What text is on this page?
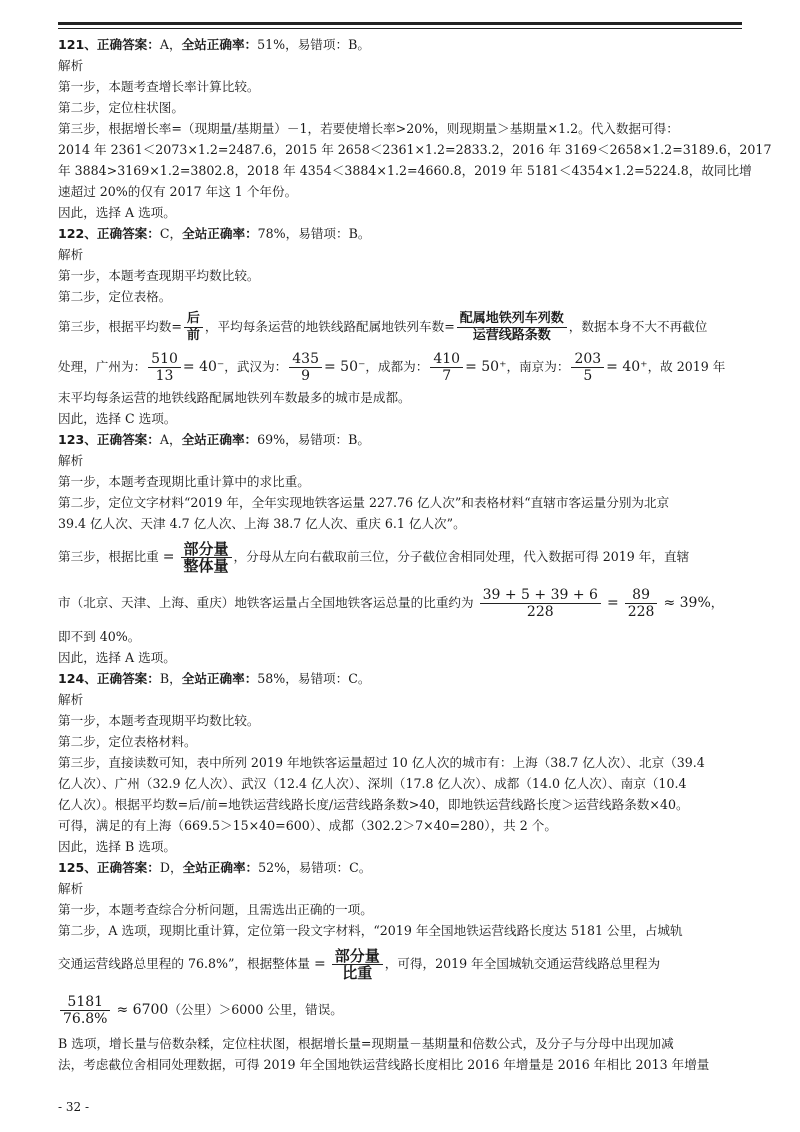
121、正确答案：A，全站正确率：51%，易错项：B。
解析
第一步，本题考查增长率计算比较。
第二步，定位柱状图。
第三步，根据增长率=（现期量/基期量）－1，若要使增长率>20%，则现期量＞基期量×1.2。代入数据可得：
2014 年 2361＜2073×1.2=2487.6，2015 年 2658＜2361×1.2=2833.2，2016 年 3169＜2658×1.2=3189.6，2017
年 3884>3169×1.2=3802.8，2018 年 4354＜3884×1.2=4660.8，2019 年 5181＜4354×1.2=5224.8，故同比增
速超过 20%的仅有 2017 年这 1 个年份。
因此，选择 A 选项。
122、正确答案：C，全站正确率：78%，易错项：B。
解析
第一步，本题考查现期平均数比较。
第二步，定位表格。
第三步，根据平均数= $\frac{\text{后}}{\text{前}}$ ，平均每条运营的地铁线路配属地铁列车数= $\frac{\text{配属地铁列车列数}}{\text{运营线路条数}}$ ，数据本身不大不再截位
处理，广州为： $\frac{510}{13} = 40^-$，武汉为： $\frac{435}{9} = 50^-$，成都为： $\frac{410}{7} = 50^+$，南京为： $\frac{203}{5} = 40^+$，故 2019 年
末平均每条运营的地铁线路配属地铁列车数最多的城市是成都。
因此，选择 C 选项。
123、正确答案：A，全站正确率：69%，易错项：B。
解析
第一步，本题考查现期比重计算中的求比重。
第二步，定位文字材料“2019 年，全年实现地铁客运量 227.76 亿人次”和表格材料“直辖市客运量分别为北京
39.4 亿人次、天津 4.7 亿人次、上海 38.7 亿人次、重庆 6.1 亿人次”。
第三步，根据比重 = $\frac{\text{部分量}}{\text{整体量}}$ ，分母从左向右截取前三位，分子截位舍相同处理，代入数据可得 2019 年，直辖
市（北京、天津、上海、重庆）地铁客运量占全国地铁客运总量的比重约为 $\frac{39 + 5 + 39 + 6}{228} = \frac{89}{228} \approx 39\%$，
即不到 40%。
因此，选择 A 选项。
124、正确答案：B，全站正确率：58%，易错项：C。
解析
第一步，本题考查现期平均数比较。
第二步，定位表格材料。
第三步，直接读数可知，表中所列 2019 年地铁客运量超过 10 亿人次的城市有：上海（38.7 亿人次）、北京（39.4
亿人次）、广州（32.9 亿人次）、武汉（12.4 亿人次）、深圳（17.8 亿人次）、成都（14.0 亿人次）、南京（10.4
亿人次）。根据平均数=后/前=地铁运营线路长度/运营线路条数>40，即地铁运营线路长度＞运营线路条数×40。
可得，满足的有上海（669.5＞15×40=600）、成都（302.2＞7×40=280），共 2 个。
因此，选择 B 选项。
125、正确答案：D，全站正确率：52%，易错项：C。
解析
第一步，本题考查综合分析问题，且需选出正确的一项。
第二步，A 选项，现期比重计算，定位第一段文字材料，“2019 年全国地铁运营线路长度达 5181 公里，占城轨
交通运营线路总里程的 76.8%”，根据整体量 = $\frac{\text{部分量}}{\text{比重}}$ ，可得，2019 年全国城轨交通运营线路总里程为
$\frac{5181}{76.8\%} \approx 6700$（公里）＞6000 公里，错误。
B 选项，增长量与倍数杂糅，定位柱状图，根据增长量=现期量－基期量和倍数公式，及分子与分母中出现加减
法，考虑截位舍相同处理数据，可得 2019 年全国地铁运营线路长度相比 2016 年增量是 2016 年相比 2013 年增量
- 32 -
